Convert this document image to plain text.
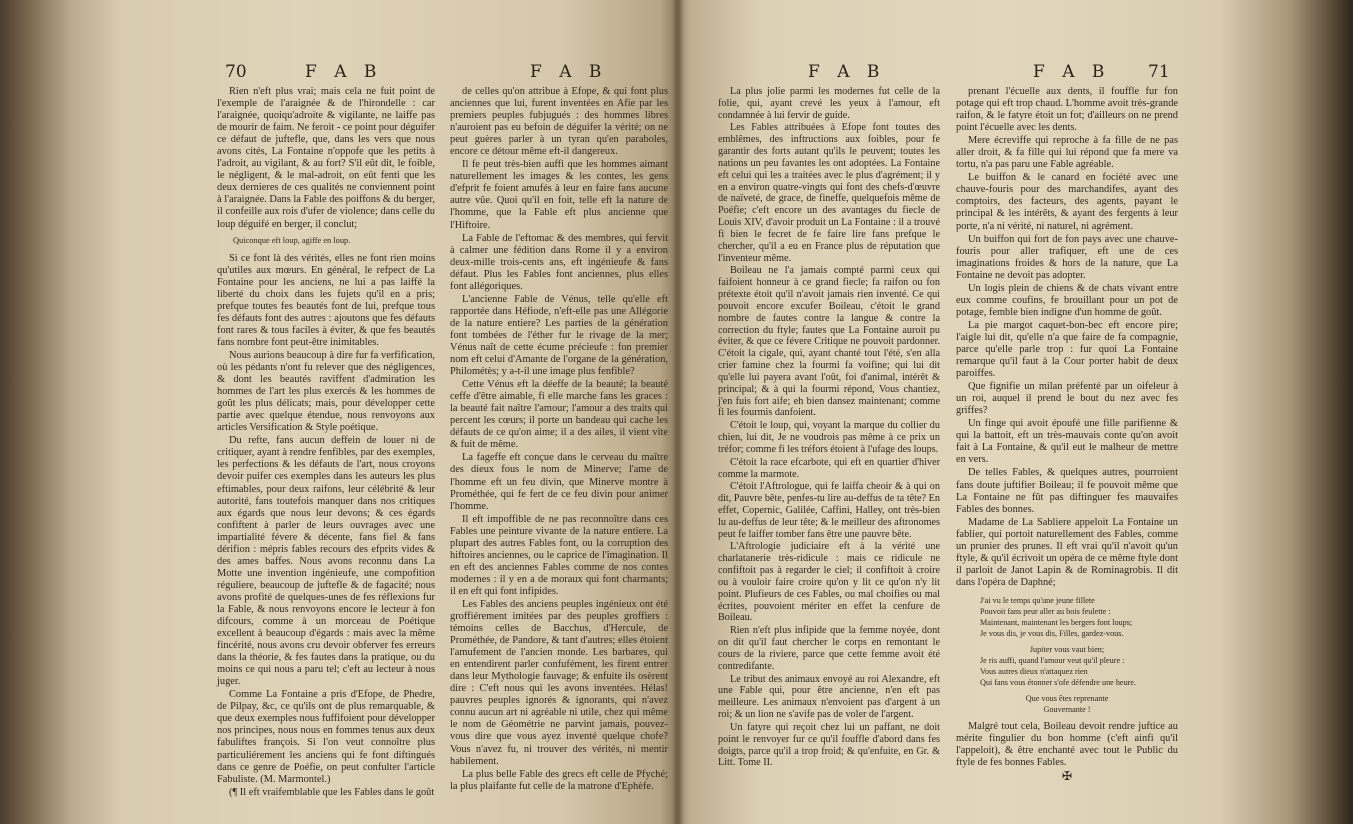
70	F A B	F A B

Rien n'eft plus vrai; mais cela ne fuit point de l'exemple de l'araignée & de l'hirondelle : car l'araignée, quoiqu'adroite & vigilante, ne laiffe pas de mourir de faim. Ne feroit - ce point pour déguifer ce défaut de juftefle, que, dans les vers que nous avons cités, La Fontaine n'oppofe que les petits à l'adroit, au vigilant, & au fort? S'il eût dit, le foible, le négligent, & le mal-adroit, on eût fenti que les deux dernieres de ces qualités ne conviennent point à l'araignée. Dans la Fable des poiffons & du berger, il confeille aux rois d'ufer de violence; dans celle du loup déguifé en berger, il conclut;

Quiconque eft loup, agiffe en loup.

Si ce font là des vérités, elles ne font rien moins qu'utiles aux mœurs. En général, le refpect de La Fontaine pour les anciens, ne lui a pas laiffé la liberté du choix dans les fujets qu'il en a pris; prefque toutes fes beautés font de lui, prefque tous fes défauts font des autres : ajoutons que fes défauts font rares & tous faciles à éviter, & que fes beautés fans nombre font peut-être inimitables.

Nous aurions beaucoup à dire fur fa verfification, où les pédants n'ont fu relever que des négligences, & dont les beautés raviffent d'admiration les hommes de l'art les plus exercés & les hommes de goût les plus délicats; mais, pour développer cette partie avec quelque étendue, nous renvoyons aux articles Versification & Style poétique.

Du refte, fans aucun deffein de louer ni de critiquer, ayant à rendre fenfibles, par des exemples, les perfections & les défauts de l'art, nous croyons devoir puifer ces exemples dans les auteurs les plus eftimables, pour deux raifons, leur célébrité & leur autorité, fans toutefois manquer dans nos critiques aux égards que nous leur devons; & ces égards confiftent à parler de leurs ouvrages avec une impartialité févere & décente, fans fiel & fans dérifion : mépris fables recours des efprits vides & des ames baffes. Nous avons reconnu dans La Motte une invention ingénieufe, une compofition réguliere, beaucoup de juftefle & de fagacité; nous avons profité de quelques-unes de fes réflexions fur la Fable, & nous renvoyons encore le lecteur à fon difcours, comme à un morceau de Poétique excellent à beaucoup d'égards : mais avec la même fincérité, nous avons cru devoir obferver fes erreurs dans la théorie, & fes fautes dans la pratique, ou du moins ce qui nous a paru tel; c'eft au lecteur à nous juger.

Comme La Fontaine a pris d'Efope, de Phedre, de Pilpay, &c, ce qu'ils ont de plus remarquable, & que deux exemples nous fuffifoient pour développer nos principes, nous nous en fommes tenus aux deux fabuliftes françois. Si l'on veut connoître plus particuliérement les anciens qui fe font diftingués dans ce genre de Poéfie, on peut confulter l'article Fabuliste. (M. Marmontel.)

(¶ Il eft vraifemblable que les Fables dans le goût

de celles qu'on attribue à Efope, & qui font plus anciennes que lui, furent inventées en Afie par les premiers peuples fubjugués : des hommes libres n'auroient pas eu befoin de déguifer la vérité; on ne peut guères parler à un tyran qu'en paraboles, encore ce détour même eft-il dangereux.

Il fe peut très-bien auffi que les hommes aimant naturellement les images & les contes, les gens d'efprit fe foient amufés à leur en faire fans aucune autre vûe. Quoi qu'il en foit, telle eft la nature de l'homme, que la Fable eft plus ancienne que l'Hiftoire.

La Fable de l'eftomac & des membres, qui fervit à calmer une fédition dans Rome il y a environ deux-mille trois-cents ans, eft ingénieufe & fans défaut. Plus les Fables font anciennes, plus elles font allégoriques.

L'ancienne Fable de Vénus, telle qu'elle eft rapportée dans Héfiode, n'eft-elle pas une Allégorie de la nature entiere? Les parties de la génération font tombées de l'éther fur le rivage de la mer; Vénus naît de cette écume précieufe : fon premier nom eft celui d'Amante de l'organe de la génération, Philométès; y a-t-il une image plus fenfible?

Cette Vénus eft la déeffe de la beauté; la beauté ceffe d'être aimable, fi elle marche fans les graces : la beauté fait naître l'amour; l'amour a des traits qui percent les cœurs; il porte un bandeau qui cache les défauts de ce qu'on aime; il a des ailes, il vient vîte & fuit de même.

La fageffe eft conçue dans le cerveau du maître des dieux fous le nom de Minerve; l'ame de l'homme eft un feu divin, que Minerve montre à Prométhée, qui fe fert de ce feu divin pour animer l'homme.

Il eft impoffible de ne pas reconnoître dans ces Fables une peinture vivante de la nature entiere. La plupart des autres Fables font, ou la corruption des hiftoires anciennes, ou le caprice de l'imagination. Il en eft des anciennes Fables comme de nos contes modernes : il y en a de moraux qui font charmants; il en eft qui font infipides.

Les Fables des anciens peuples ingénieux ont été groffiérement imitées par des peuples groffiers : témoins celles de Bacchus, d'Hercule, de Prométhée, de Pandore, & tant d'autres; elles étoient l'amufement de l'ancien monde. Les barbares, qui en entendirent parler confufément, les firent entrer dans leur Mythologie fauvage; & enfuite ils osèrent dire : C'eft nous qui les avons inventées. Hélas! pauvres peuples ignorés & ignorants, qui n'avez connu aucun art ni agréable ni utile, chez qui même le nom de Géométrie ne parvint jamais, pouvez-vous dire que vous ayez inventé quelque chofe? Vous n'avez fu, ni trouver des vérités, ni mentir habilement.

La plus belle Fable des grecs eft celle de Pfyché; la plus plaifante fut celle de la matrone d'Ephèfe.

F A B	F A B 71

La plus jolie parmi les modernes fut celle de la folie, qui, ayant crevé les yeux à l'amour, eft condamnée à lui fervir de guide.

Les Fables attribuées à Efope font toutes des emblêmes, des inftructions aux foibles, pour fe garantir des forts autant qu'ils le peuvent; toutes les nations un peu favantes les ont adoptées. La Fontaine eft celui qui les a traitées avec le plus d'agrément; il y en a environ quatre-vingts qui font des chefs-d'œuvre de naïveté, de grace, de fineffe, quelquefois même de Poéfie; c'eft encore un des avantages du fiecle de Louis XIV, d'avoir produit un La Fontaine : il a trouvé fi bien le fecret de fe faire lire fans prefque le chercher, qu'il a eu en France plus de réputation que l'inventeur même.

Boileau ne l'a jamais compté parmi ceux qui faifoient honneur à ce grand fiecle; fa raifon ou fon prétexte étoit qu'il n'avoit jamais rien inventé. Ce qui pouvoit encore excufer Boileau, c'étoit le grand nombre de fautes contre la langue & contre la correction du ftyle; fautes que La Fontaine auroit pu éviter, & que ce févere Critique ne pouvoit pardonner. C'étoit la cigale, qui, ayant chanté tout l'été, s'en alla crier famine chez la fourmi fa voifine; qui lui dit qu'elle lui payera avant l'oût, foi d'animal, intérêt & principal; & à qui la fourmi répond, Vous chantiez, j'en fuis fort aife; eh bien dansez maintenant; comme fi les fourmis danfoient.

C'étoit le loup, qui, voyant la marque du collier du chien, lui dit, Je ne voudrois pas même à ce prix un tréfor; comme fi les tréfors étoient à l'ufage des loups.

C'étoit la race efcarbote, qui eft en quartier d'hiver comme la marmote.

C'étoit l'Aftrologue, qui fe laiffa cheoir & à qui on dit, Pauvre bête, penfes-tu lire au-deffus de ta tête? En effet, Copernic, Galilée, Caffini, Halley, ont très-bien lu au-deffus de leur tête; & le meilleur des aftronomes peut fe laiffer tomber fans être une pauvre bête.

L'Aftrologie judiciaire eft à la vérité une charlatanerie très-ridicule : mais ce ridicule ne confiftoit pas à regarder le ciel; il confiftoit à croire ou à vouloir faire croire qu'on y lit ce qu'on n'y lit point. Plufieurs de ces Fables, ou mal choifies ou mal écrites, pouvoient mériter en effet la cenfure de Boileau.

Rien n'eft plus infipide que la femme noyée, dont on dit qu'il faut chercher le corps en remontant le cours de la riviere, parce que cette femme avoit été contredifante.

Le tribut des animaux envoyé au roi Alexandre, eft une Fable qui, pour être ancienne, n'en eft pas meilleure. Les animaux n'envoient pas d'argent à un roi; & un lion ne s'avife pas de voler de l'argent.

Un fatyre qui reçoit chez lui un paffant, ne doit point le renvoyer fur ce qu'il fouffle d'abord dans fes doigts, parce qu'il a trop froid; & qu'enfuite, en Gr. & Litt. Tome II.

prenant l'écuelle aux dents, il fouffle fur fon potage qui eft trop chaud. L'homme avoit très-grande raifon, & le fatyre étoit un fot; d'ailleurs on ne prend point l'écuelle avec les dents.

Mere écreviffe qui reproche à fa fille de ne pas aller droit, & fa fille qui lui répond que fa mere va tortu, n'a pas paru une Fable agréable.

Le buiffon & le canard en fociété avec une chauve-fouris pour des marchandifes, ayant des comptoirs, des facteurs, des agents, payant le principal & les intérêts, & ayant des fergents à leur porte, n'a ni vérité, ni naturel, ni agrément.

Un buiffon qui fort de fon pays avec une chauve-fouris pour aller trafiquer, eft une de ces imaginations froides & hors de la nature, que La Fontaine ne devoit pas adopter.

Un logis plein de chiens & de chats vivant entre eux comme coufins, fe brouillant pour un pot de potage, femble bien indigne d'un homme de goût.

La pie margot caquet-bon-bec eft encore pire; l'aigle lui dit, qu'elle n'a que faire de fa compagnie, parce qu'elle parle trop : fur quoi La Fontaine remarque qu'il faut à la Cour porter habit de deux paroiffes.

Que fignifie un milan préfenté par un oifeleur à un roi, auquel il prend le bout du nez avec fes griffes?

Un finge qui avoit époufé une fille parifienne & qui la battoit, eft un très-mauvais conte qu'on avoit fait à La Fontaine, & qu'il eut le malheur de mettre en vers.

De telles Fables, & quelques autres, pourroient fans doute juftifier Boileau; il fe pouvoit même que La Fontaine ne fût pas diftinguer fes mauvaifes Fables des bonnes.

Madame de La Sabliere appeloit La Fontaine un fablier, qui portoit naturellement des Fables, comme un prunier des prunes. Il eft vrai qu'il n'avoit qu'un ftyle, & qu'il écrivoit un opéra de ce même ftyle dont il parloit de Janot Lapin & de Rominagrobis. Il dit dans l'opéra de Daphné;

J'ai vu le temps qu'une jeune fillete
Pouvoit fans peur aller au bois feulette :
Maintenant, maintenant les bergers font loups;
Je vous dis, je vous dis, Filles, gardez-vous.
Jupiter vous vaut bien;
Je ris auffi, quand l'amour veut qu'il pleure :
Vous autres dieux n'attaquez rien
Qui fans vous étonner s'ofe défendre une heure.
Que vous êtes reprenante
Gouvernante !

Malgré tout cela, Boileau devoit rendre juftice au mérite fingulier du bon homme (c'eft ainfi qu'il l'appeloit), & être enchanté avec tout le Public du ftyle de fes bonnes Fables.

✠
